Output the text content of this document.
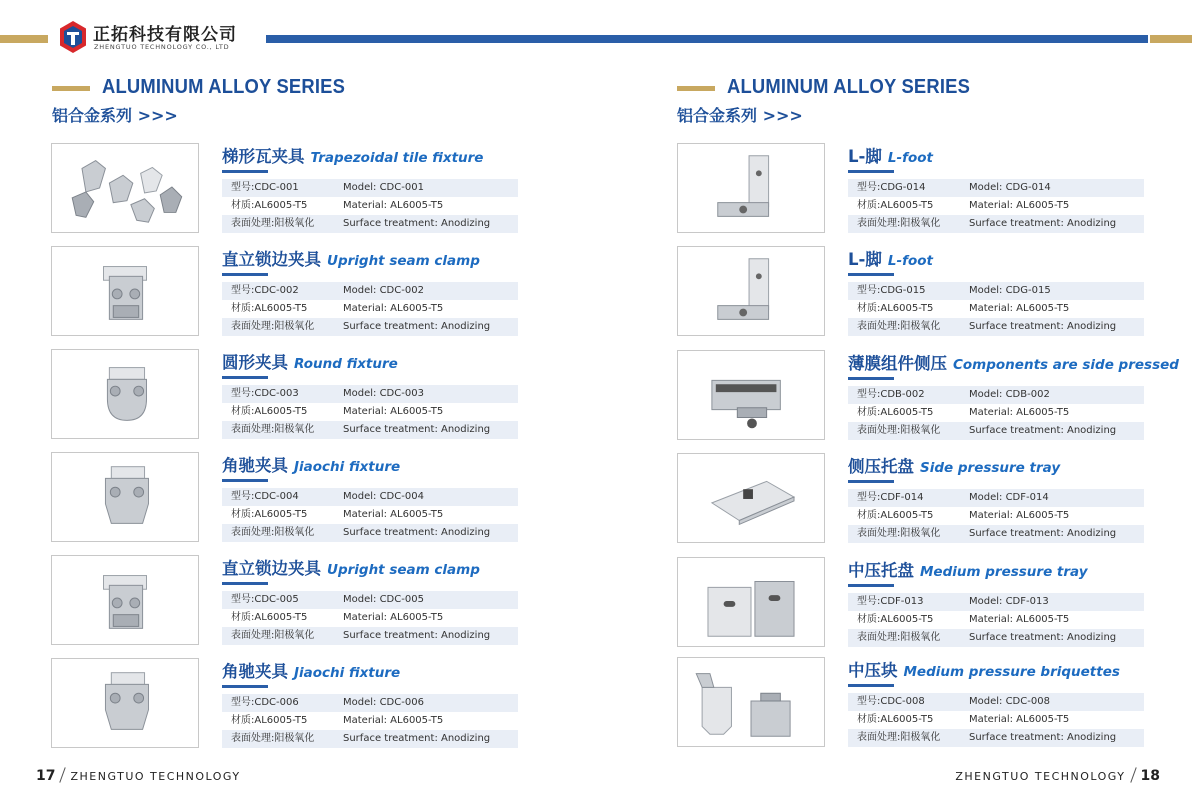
正拓科技有限公司
ZHENGTUO TECHNOLOGY CO., LTD
ALUMINUM ALLOY SERIES
铝合金系列 >>>
ALUMINUM ALLOY SERIES
铝合金系列 >>>
梯形瓦夹具 Trapezoidal tile fixture
型号:CDC-001	Model: CDC-001
材质:AL6005-T5	Material: AL6005-T5
表面处理:阳极氧化	Surface treatment: Anodizing
直立锁边夹具 Upright seam clamp
型号:CDC-002	Model: CDC-002
材质:AL6005-T5	Material: AL6005-T5
表面处理:阳极氧化	Surface treatment: Anodizing
圆形夹具 Round fixture
型号:CDC-003	Model: CDC-003
材质:AL6005-T5	Material: AL6005-T5
表面处理:阳极氧化	Surface treatment: Anodizing
角驰夹具 Jiaochi fixture
型号:CDC-004	Model: CDC-004
材质:AL6005-T5	Material: AL6005-T5
表面处理:阳极氧化	Surface treatment: Anodizing
直立锁边夹具 Upright seam clamp
型号:CDC-005	Model: CDC-005
材质:AL6005-T5	Material: AL6005-T5
表面处理:阳极氧化	Surface treatment: Anodizing
角驰夹具 Jiaochi fixture
型号:CDC-006	Model: CDC-006
材质:AL6005-T5	Material: AL6005-T5
表面处理:阳极氧化	Surface treatment: Anodizing
L-脚 L-foot
型号:CDG-014	Model: CDG-014
材质:AL6005-T5	Material: AL6005-T5
表面处理:阳极氧化	Surface treatment: Anodizing
L-脚 L-foot
型号:CDG-015	Model: CDG-015
材质:AL6005-T5	Material: AL6005-T5
表面处理:阳极氧化	Surface treatment: Anodizing
薄膜组件侧压 Components are side pressed
型号:CDB-002	Model: CDB-002
材质:AL6005-T5	Material: AL6005-T5
表面处理:阳极氧化	Surface treatment: Anodizing
侧压托盘 Side pressure tray
型号:CDF-014	Model: CDF-014
材质:AL6005-T5	Material: AL6005-T5
表面处理:阳极氧化	Surface treatment: Anodizing
中压托盘 Medium pressure tray
型号:CDF-013	Model: CDF-013
材质:AL6005-T5	Material: AL6005-T5
表面处理:阳极氧化	Surface treatment: Anodizing
中压块 Medium pressure briquettes
型号:CDC-008	Model: CDC-008
材质:AL6005-T5	Material: AL6005-T5
表面处理:阳极氧化	Surface treatment: Anodizing
17 ZHENGTUO TECHNOLOGY	ZHENGTUO TECHNOLOGY 18
